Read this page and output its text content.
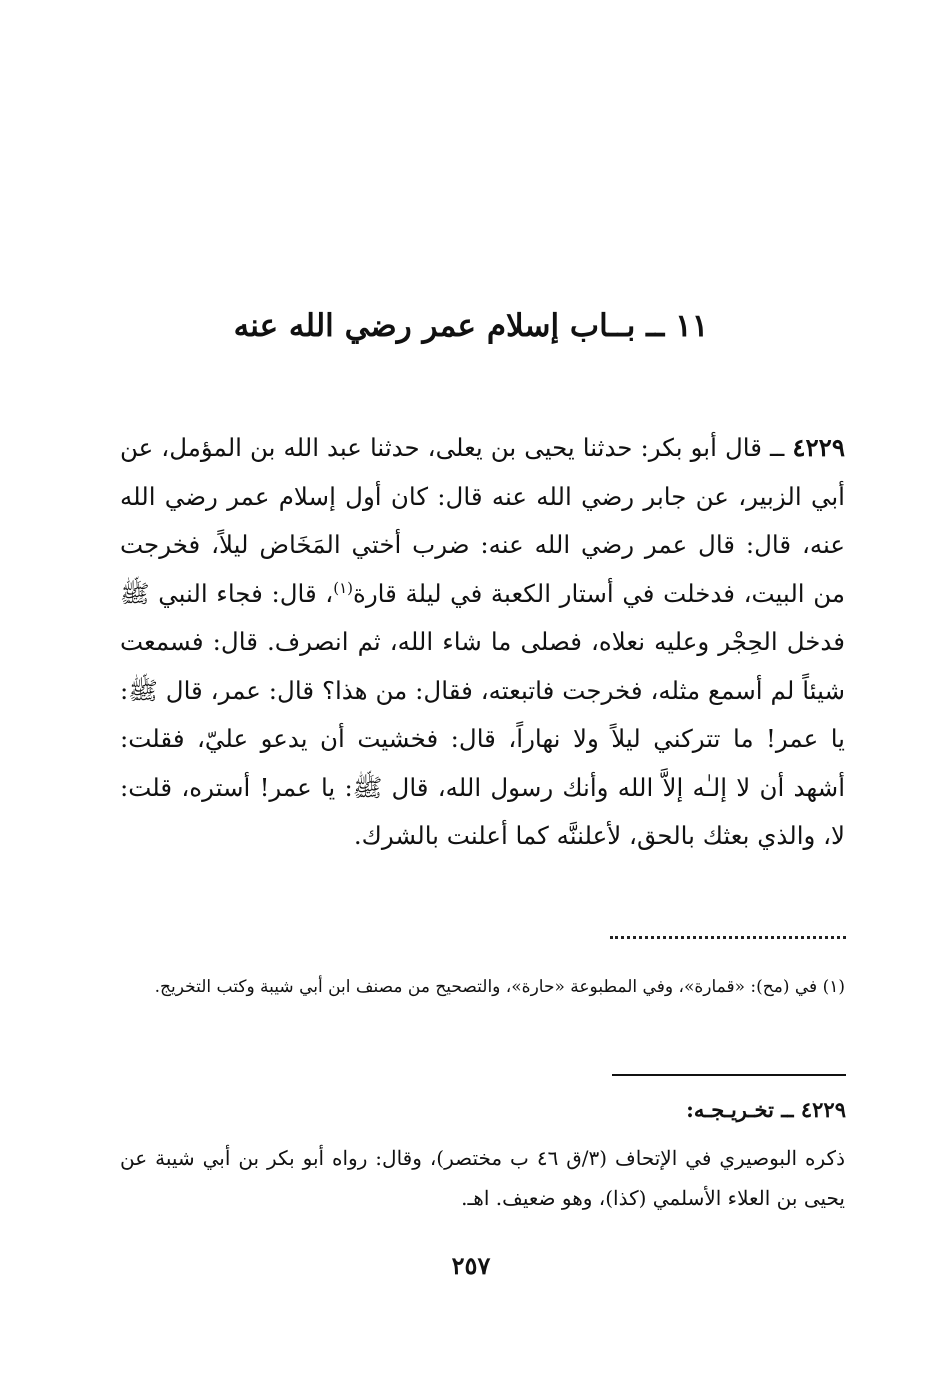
١١ ــ بــاب إسلام عمر رضي الله عنه

٤٢٢٩ ــ قال أبو بكر: حدثنا يحيى بن يعلى، حدثنا عبد الله بن المؤمل، عن أبي الزبير، عن جابر رضي الله عنه قال: كان أول إسلام عمر رضي الله عنه، قال: قال عمر رضي الله عنه: ضرب أختي المَخَاض ليلاً، فخرجت من البيت، فدخلت في أستار الكعبة في ليلة قارة$^{(١)}$، قال: فجاء النبي ﷺ فدخل الحِجْر وعليه نعلاه، فصلى ما شاء الله، ثم انصرف. قال: فسمعت شيئاً لم أسمع مثله، فخرجت فاتبعته، فقال: من هذا؟ قال: عمر، قال ﷺ: يا عمر! ما تتركني ليلاً ولا نهاراً، قال: فخشيت أن يدعو عليّ، فقلت: أشهد أن لا إلـٰه إلاَّ الله وأنك رسول الله، قال ﷺ: يا عمر! أستره، قلت: لا، والذي بعثك بالحق، لأعلننَّه كما أعلنت بالشرك.

(١) في (مح): «قمارة»، وفي المطبوعة «حارة»، والتصحيح من مصنف ابن أبي شيبة وكتب التخريج.

٤٢٢٩ ــ تخـريـجـه:

ذكره البوصيري في الإتحاف (٣/ق ٤٦ ب مختصر)، وقال: رواه أبو بكر بن أبي شيبة عن يحيى بن العلاء الأسلمي (كذا)، وهو ضعيف. اهـ.

٢٥٧
